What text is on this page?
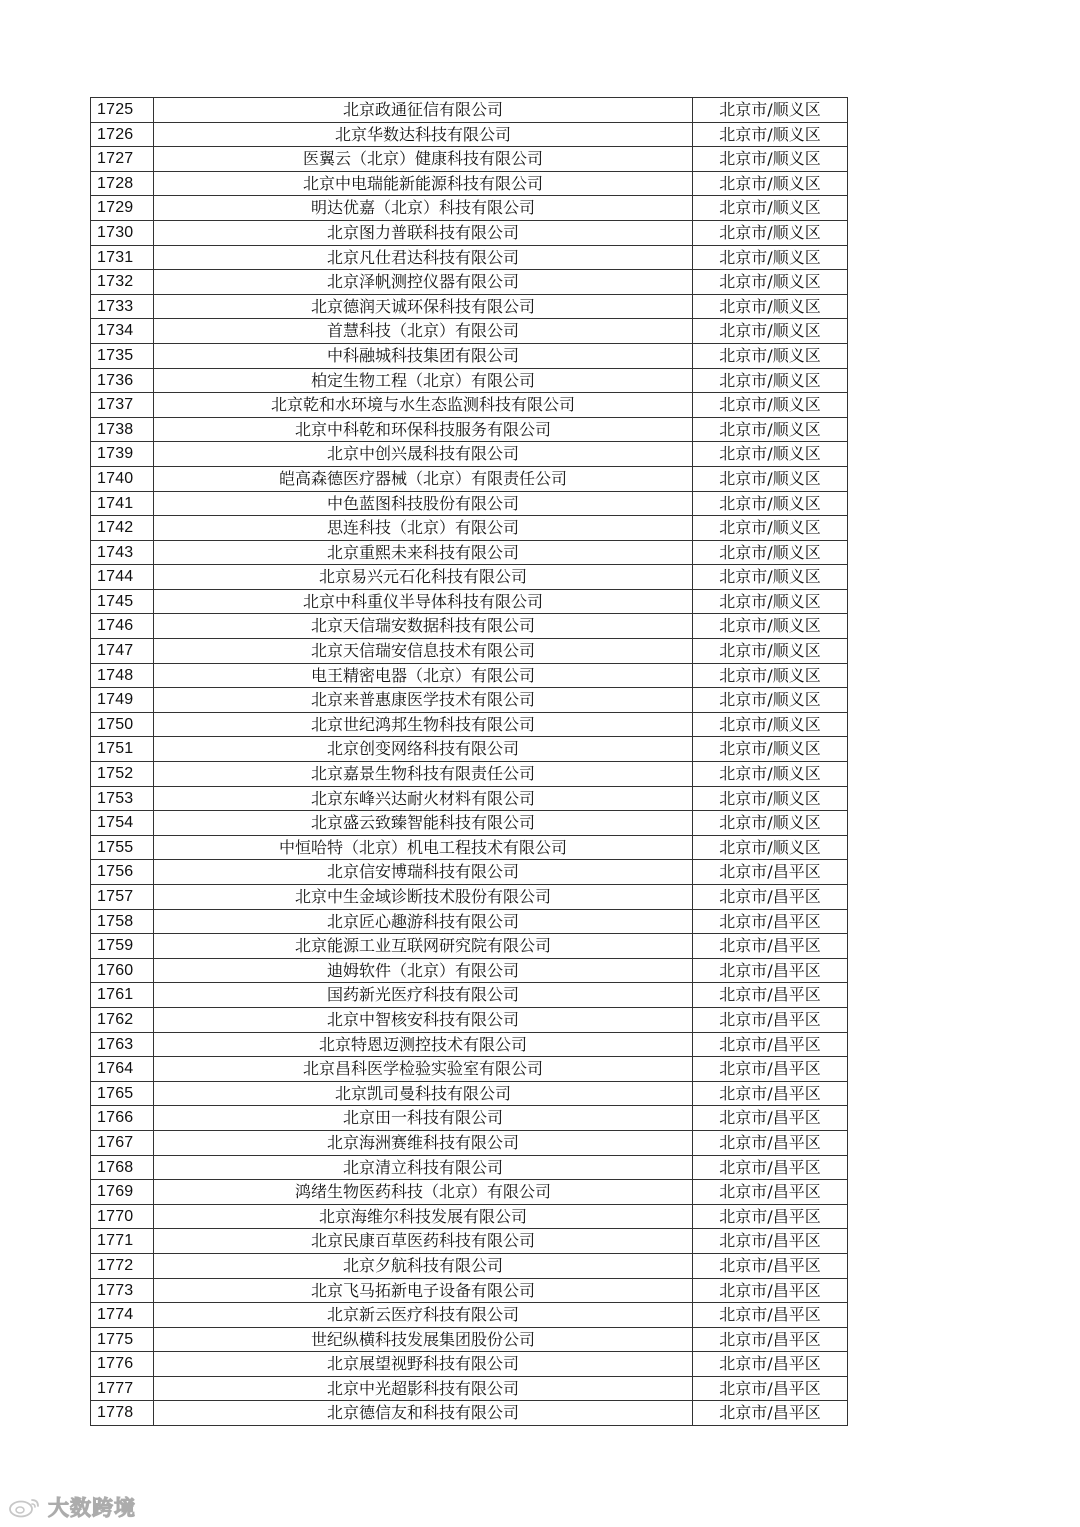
1725	北京政通征信有限公司	北京市/顺义区
1726	北京华数达科技有限公司	北京市/顺义区
1727	医翼云（北京）健康科技有限公司	北京市/顺义区
1728	北京中电瑞能新能源科技有限公司	北京市/顺义区
1729	明达优嘉（北京）科技有限公司	北京市/顺义区
1730	北京图力普联科技有限公司	北京市/顺义区
1731	北京凡仕君达科技有限公司	北京市/顺义区
1732	北京泽帆测控仪器有限公司	北京市/顺义区
1733	北京德润天诚环保科技有限公司	北京市/顺义区
1734	首慧科技（北京）有限公司	北京市/顺义区
1735	中科融城科技集团有限公司	北京市/顺义区
1736	柏定生物工程（北京）有限公司	北京市/顺义区
1737	北京乾和水环境与水生态监测科技有限公司	北京市/顺义区
1738	北京中科乾和环保科技服务有限公司	北京市/顺义区
1739	北京中创兴晟科技有限公司	北京市/顺义区
1740	皑高森德医疗器械（北京）有限责任公司	北京市/顺义区
1741	中色蓝图科技股份有限公司	北京市/顺义区
1742	思连科技（北京）有限公司	北京市/顺义区
1743	北京重熙未来科技有限公司	北京市/顺义区
1744	北京易兴元石化科技有限公司	北京市/顺义区
1745	北京中科重仪半导体科技有限公司	北京市/顺义区
1746	北京天信瑞安数据科技有限公司	北京市/顺义区
1747	北京天信瑞安信息技术有限公司	北京市/顺义区
1748	电王精密电器（北京）有限公司	北京市/顺义区
1749	北京来普惠康医学技术有限公司	北京市/顺义区
1750	北京世纪鸿邦生物科技有限公司	北京市/顺义区
1751	北京创变网络科技有限公司	北京市/顺义区
1752	北京嘉景生物科技有限责任公司	北京市/顺义区
1753	北京东峰兴达耐火材料有限公司	北京市/顺义区
1754	北京盛云致臻智能科技有限公司	北京市/顺义区
1755	中恒哈特（北京）机电工程技术有限公司	北京市/顺义区
1756	北京信安博瑞科技有限公司	北京市/昌平区
1757	北京中生金域诊断技术股份有限公司	北京市/昌平区
1758	北京匠心趣游科技有限公司	北京市/昌平区
1759	北京能源工业互联网研究院有限公司	北京市/昌平区
1760	迪姆软件（北京）有限公司	北京市/昌平区
1761	国药新光医疗科技有限公司	北京市/昌平区
1762	北京中智核安科技有限公司	北京市/昌平区
1763	北京特恩迈测控技术有限公司	北京市/昌平区
1764	北京昌科医学检验实验室有限公司	北京市/昌平区
1765	北京凯司曼科技有限公司	北京市/昌平区
1766	北京田一科技有限公司	北京市/昌平区
1767	北京海洲赛维科技有限公司	北京市/昌平区
1768	北京清立科技有限公司	北京市/昌平区
1769	鸿绪生物医药科技（北京）有限公司	北京市/昌平区
1770	北京海维尔科技发展有限公司	北京市/昌平区
1771	北京民康百草医药科技有限公司	北京市/昌平区
1772	北京夕航科技有限公司	北京市/昌平区
1773	北京飞马拓新电子设备有限公司	北京市/昌平区
1774	北京新云医疗科技有限公司	北京市/昌平区
1775	世纪纵横科技发展集团股份公司	北京市/昌平区
1776	北京展望视野科技有限公司	北京市/昌平区
1777	北京中光超影科技有限公司	北京市/昌平区
1778	北京德信友和科技有限公司	北京市/昌平区
大数跨境
